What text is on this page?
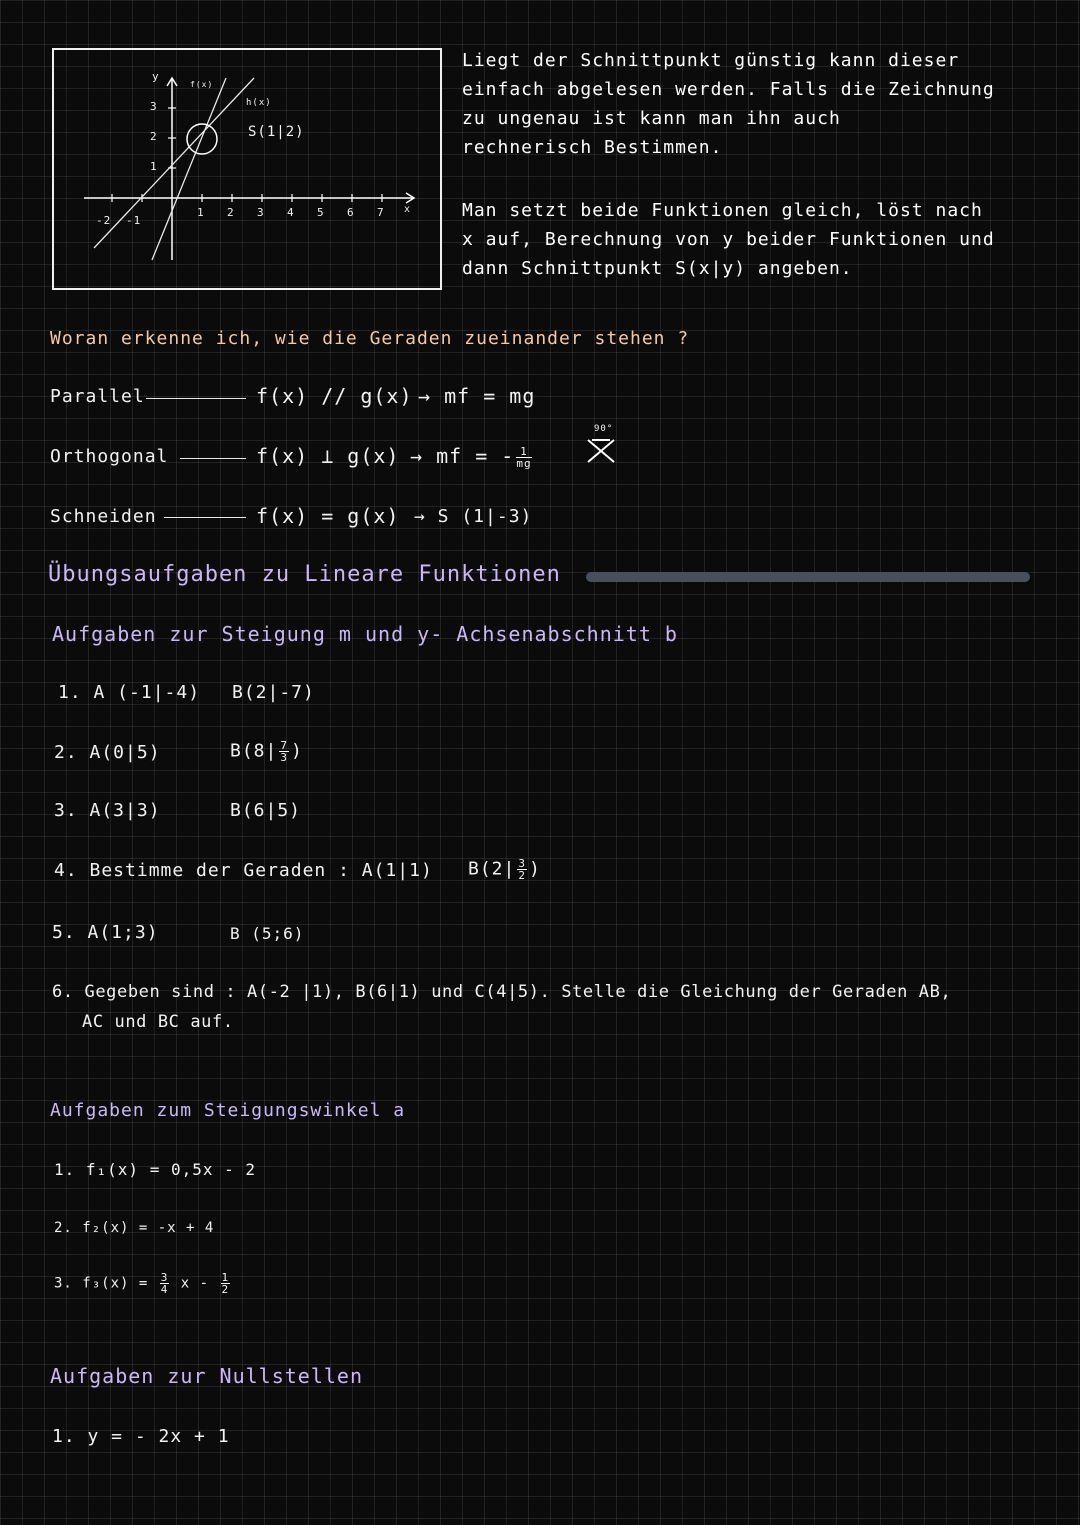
y
f(x)
h(x)
S(1|2)
x
-2 -1
1 2 3 4 5 6 7
1
2
3
Liegt der Schnittpunkt günstig kann dieser
einfach abgelesen werden. Falls die Zeichnung
zu ungenau ist kann man ihn auch
rechnerisch Bestimmen.
Man setzt beide Funktionen gleich, löst nach
x auf, Berechnung von y beider Funktionen und
dann Schnittpunkt S(x|y) angeben.
Woran erkenne ich, wie die Geraden zueinander stehen ?
Parallel	f(x) // g(x) → mf = mg
Orthogonal	f(x) ⊥ g(x) → mf = - $\frac{1}{mg}$
90°
Schneiden	f(x) = g(x) → S (1|-3)
Übungsaufgaben zu Lineare Funktionen
Aufgaben zur Steigung m und y- Achsenabschnitt b
1. A (-1|-4) B(2|-7)
2. A(0|5)	$B(8| \frac{7}{3}$ )
3. A(3|3)	B(6|5)
4. Bestimme der Geraden : A(1|1) $B(2| \frac{3}{2}$ )
5. A(1;3)	B (5;6)
6. Gegeben sind : A(-2 |1), B(6|1) und C(4|5). Stelle die Gleichung der Geraden AB,
AC und BC auf.
Aufgaben zum Steigungswinkel a
1. f₁(x) = 0,5x - 2
2. f₂(x) = -x + 4
3. $f_3(x) = \frac{3}{4}$ x - $\frac{1}{2}$
Aufgaben zur Nullstellen
1. y = - 2x + 1
